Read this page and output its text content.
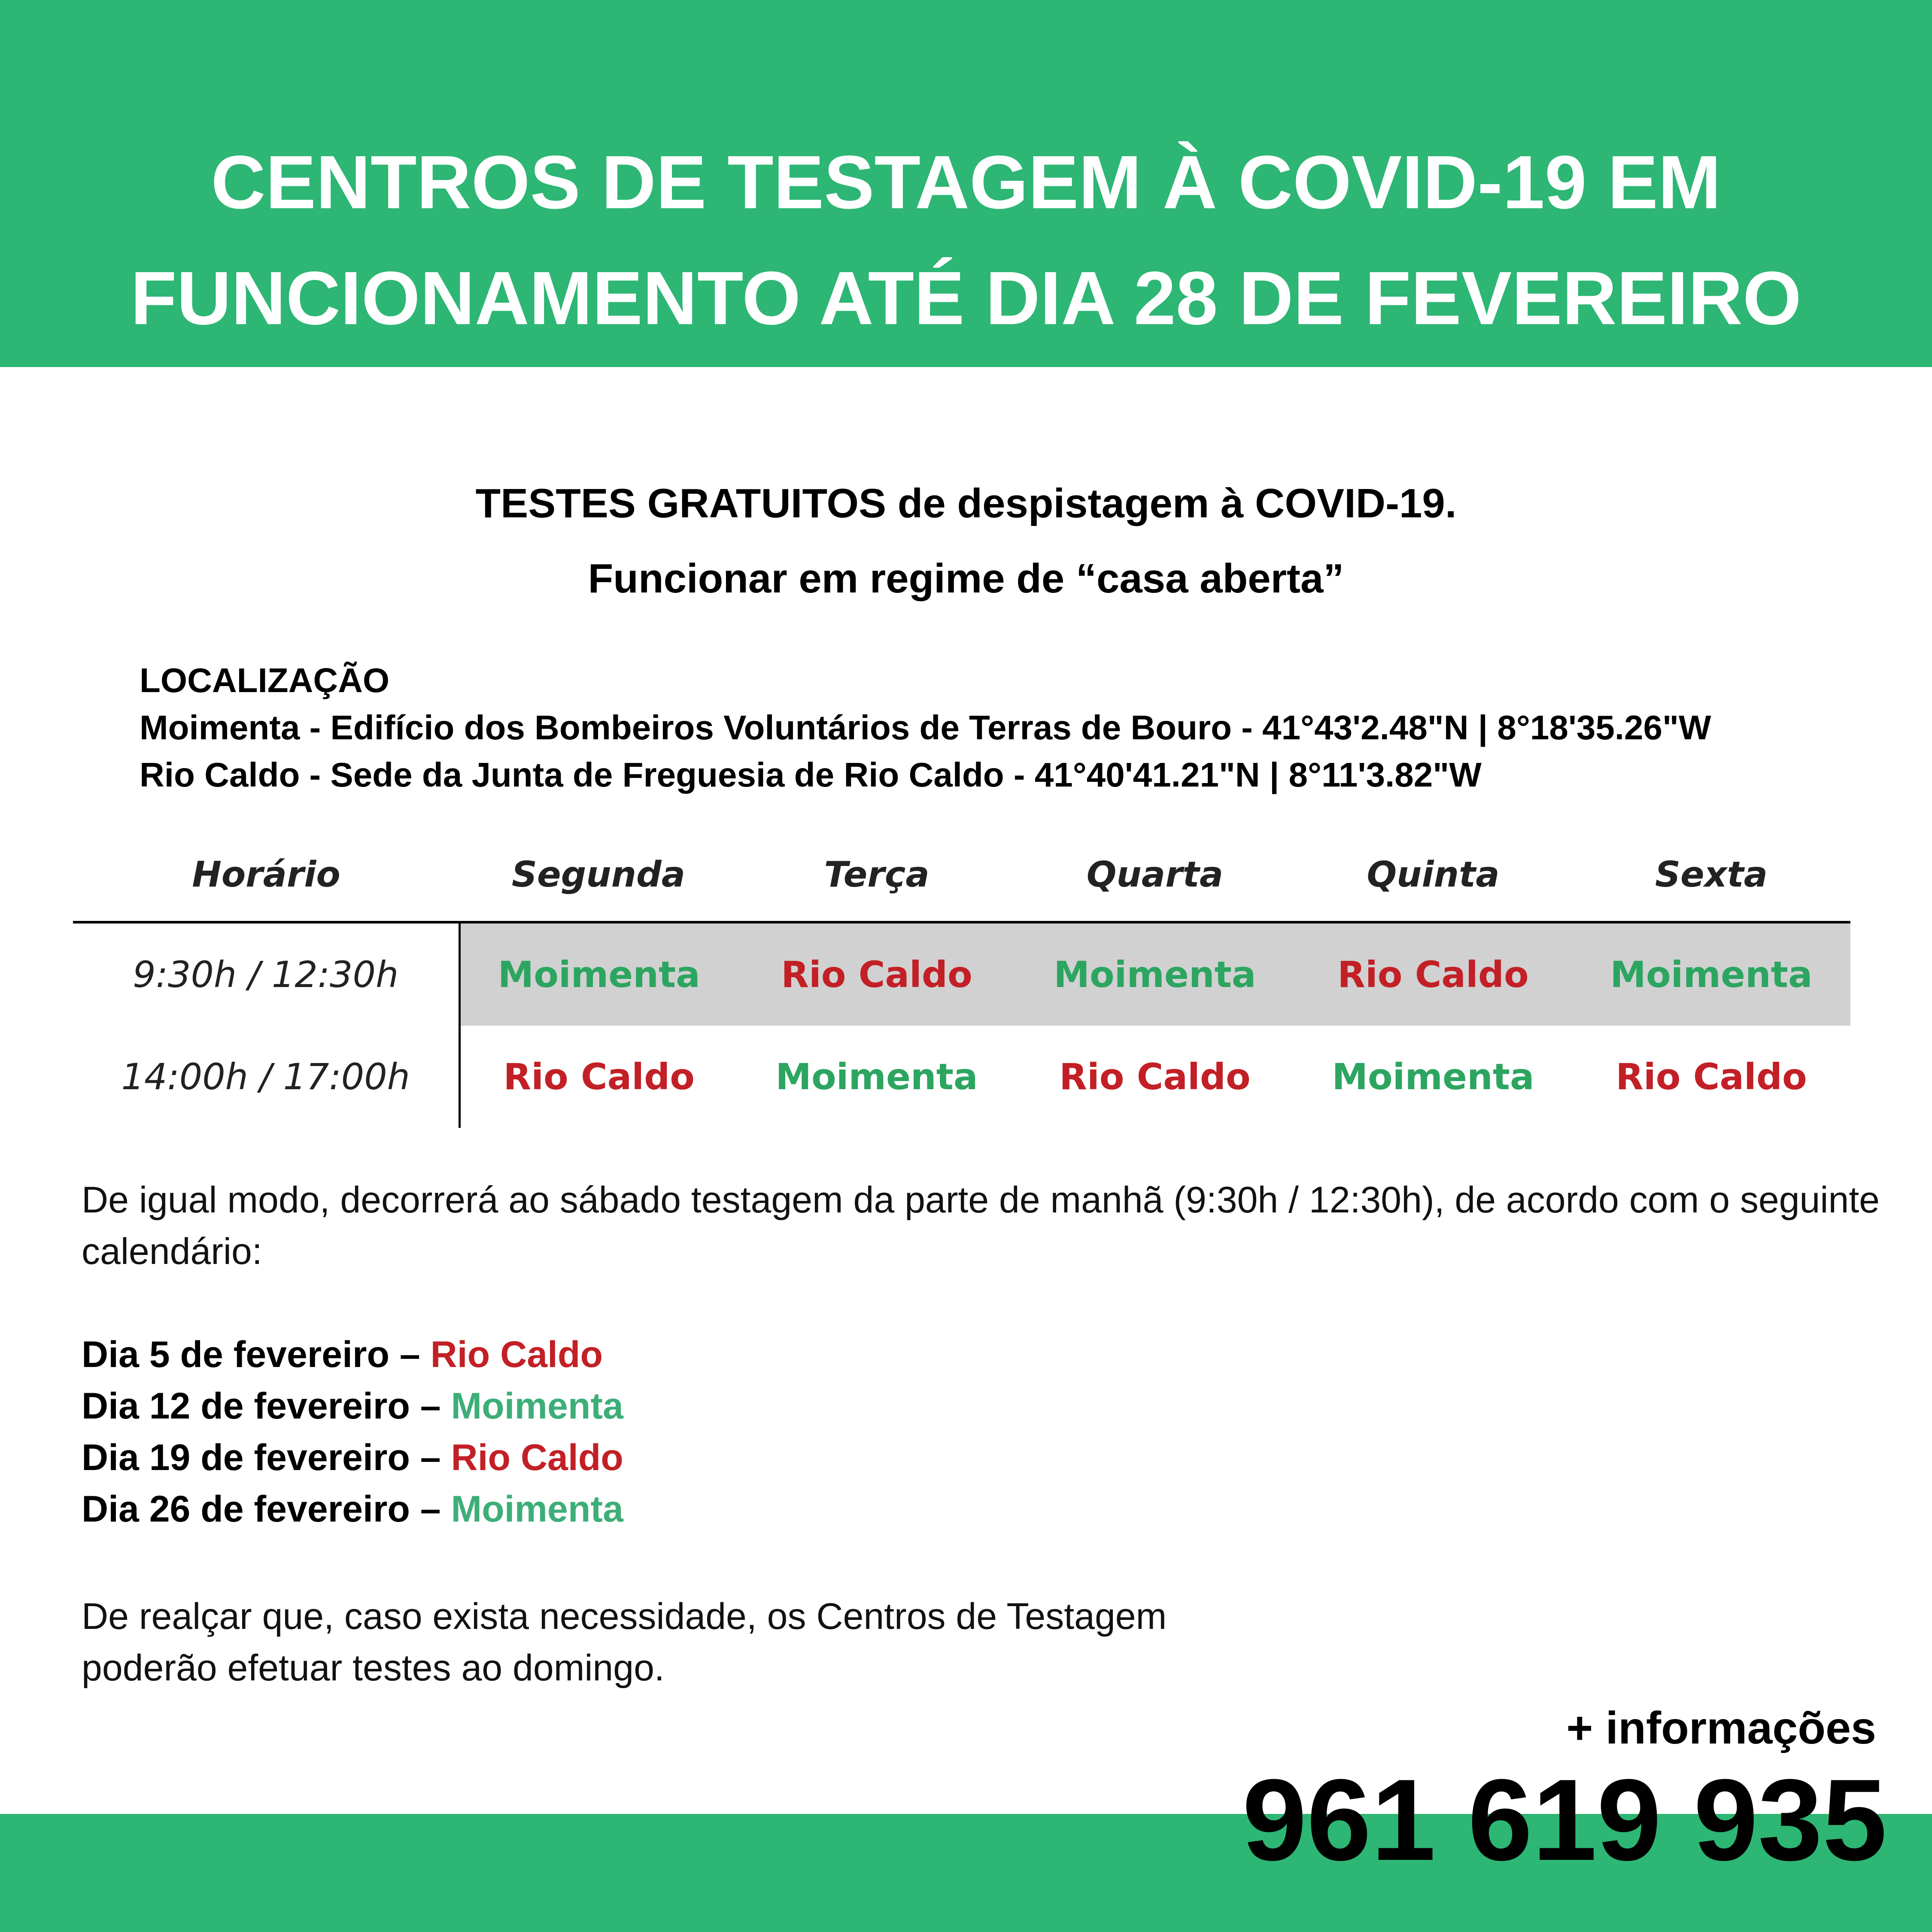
CENTROS DE TESTAGEM À COVID-19 EM
FUNCIONAMENTO ATÉ DIA 28 DE FEVEREIRO
TESTES GRATUITOS de despistagem à COVID-19.
Funcionar em regime de “casa aberta”
LOCALIZAÇÃO
Moimenta - Edifício dos Bombeiros Voluntários de Terras de Bouro - 41°43'2.48"N | 8°18'35.26"W
Rio Caldo - Sede da Junta de Freguesia de Rio Caldo - 41°40'41.21"N | 8°11'3.82"W
Horário	Segunda	Terça	Quarta	Quinta	Sexta
9:30h / 12:30h	Moimenta	Rio Caldo	Moimenta	Rio Caldo	Moimenta
14:00h / 17:00h	Rio Caldo	Moimenta	Rio Caldo	Moimenta	Rio Caldo
De igual modo, decorrerá ao sábado testagem da parte de manhã (9:30h / 12:30h), de acordo com o seguinte calendário:
Dia 5 de fevereiro – Rio Caldo
Dia 12 de fevereiro – Moimenta
Dia 19 de fevereiro – Rio Caldo
Dia 26 de fevereiro – Moimenta
De realçar que, caso exista necessidade, os Centros de Testagem
poderão efetuar testes ao domingo.
+ informações
961 619 935
